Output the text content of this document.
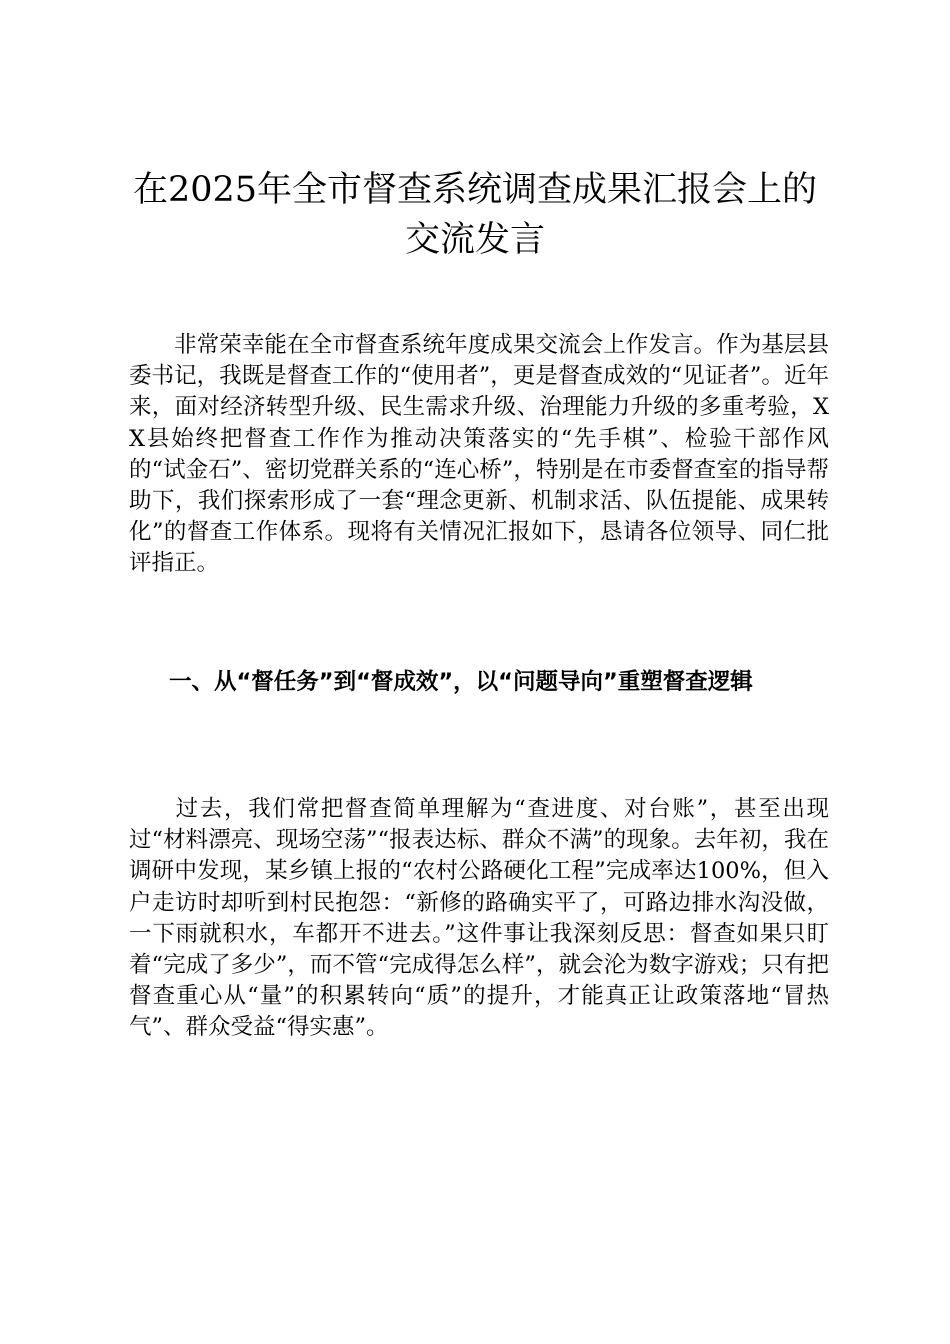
在2025年全市督查系统调查成果汇报会上的
交流发言

非常荣幸能在全市督查系统年度成果交流会上作发言。作为基层县委书记，我既是督查工作的“使用者”，更是督查成效的“见证者”。近年来，面对经济转型升级、民生需求升级、治理能力升级的多重考验，XX县始终把督查工作作为推动决策落实的“先手棋”、检验干部作风的“试金石”、密切党群关系的“连心桥”，特别是在市委督查室的指导帮助下，我们探索形成了一套“理念更新、机制求活、队伍提能、成果转化”的督查工作体系。现将有关情况汇报如下，恳请各位领导、同仁批评指正。

一、从“督任务”到“督成效”，以“问题导向”重塑督查逻辑

过去，我们常把督查简单理解为“查进度、对台账”，甚至出现过“材料漂亮、现场空荡”“报表达标、群众不满”的现象。去年初，我在调研中发现，某乡镇上报的“农村公路硬化工程”完成率达100%，但入户走访时却听到村民抱怨：“新修的路确实平了，可路边排水沟没做，一下雨就积水，车都开不进去。”这件事让我深刻反思：督查如果只盯着“完成了多少”，而不管“完成得怎么样”，就会沦为数字游戏；只有把督查重心从“量”的积累转向“质”的提升，才能真正让政策落地“冒热气”、群众受益“得实惠”。
